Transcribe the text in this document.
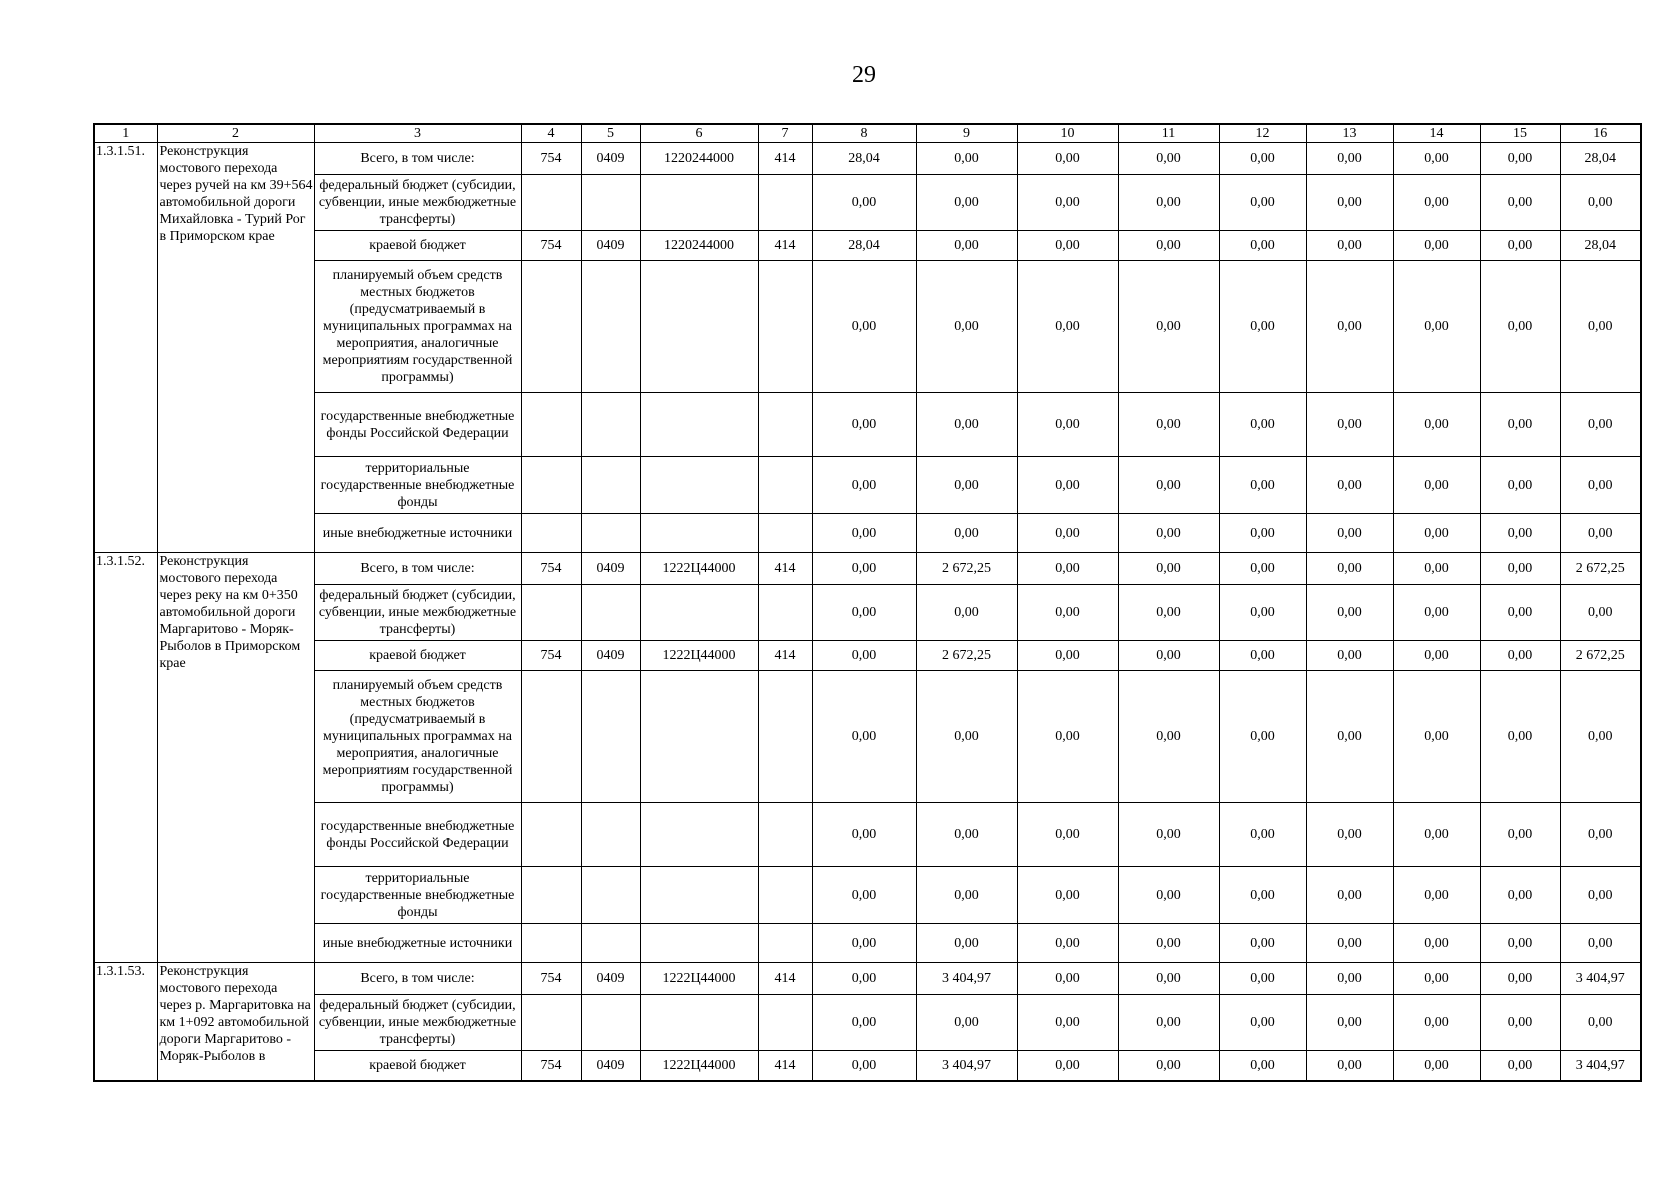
29
1	2	3	4	5	6	7	8	9	10	11	12	13	14	15	16
1.3.1.51.	Реконструкция мостового перехода через ручей на км 39+564 автомобильной дороги Михайловка - Турий Рог в Приморском крае	Всего, в том числе:	754	0409	1220244000	414	28,04	0,00	0,00	0,00	0,00	0,00	0,00	0,00	28,04
		федеральный бюджет (субсидии, субвенции, иные межбюджетные трансферты)					0,00	0,00	0,00	0,00	0,00	0,00	0,00	0,00	0,00
		краевой бюджет	754	0409	1220244000	414	28,04	0,00	0,00	0,00	0,00	0,00	0,00	0,00	28,04
		планируемый объем средств местных бюджетов (предусматриваемый в муниципальных программах на мероприятия, аналогичные мероприятиям государственной программы)					0,00	0,00	0,00	0,00	0,00	0,00	0,00	0,00	0,00
		государственные внебюджетные фонды Российской Федерации					0,00	0,00	0,00	0,00	0,00	0,00	0,00	0,00	0,00
		территориальные государственные внебюджетные фонды					0,00	0,00	0,00	0,00	0,00	0,00	0,00	0,00	0,00
		иные внебюджетные источники					0,00	0,00	0,00	0,00	0,00	0,00	0,00	0,00	0,00
1.3.1.52.	Реконструкция мостового перехода через реку на км 0+350 автомобильной дороги Маргаритово - Моряк-Рыболов в Приморском крае	Всего, в том числе:	754	0409	1222Ц44000	414	0,00	2 672,25	0,00	0,00	0,00	0,00	0,00	0,00	2 672,25
		федеральный бюджет (субсидии, субвенции, иные межбюджетные трансферты)					0,00	0,00	0,00	0,00	0,00	0,00	0,00	0,00	0,00
		краевой бюджет	754	0409	1222Ц44000	414	0,00	2 672,25	0,00	0,00	0,00	0,00	0,00	0,00	2 672,25
		планируемый объем средств местных бюджетов (предусматриваемый в муниципальных программах на мероприятия, аналогичные мероприятиям государственной программы)					0,00	0,00	0,00	0,00	0,00	0,00	0,00	0,00	0,00
		государственные внебюджетные фонды Российской Федерации					0,00	0,00	0,00	0,00	0,00	0,00	0,00	0,00	0,00
		территориальные государственные внебюджетные фонды					0,00	0,00	0,00	0,00	0,00	0,00	0,00	0,00	0,00
		иные внебюджетные источники					0,00	0,00	0,00	0,00	0,00	0,00	0,00	0,00	0,00
1.3.1.53.	Реконструкция мостового перехода через р. Маргаритовка на км 1+092 автомобильной дороги Маргаритово - Моряк-Рыболов в	Всего, в том числе:	754	0409	1222Ц44000	414	0,00	3 404,97	0,00	0,00	0,00	0,00	0,00	0,00	3 404,97
		федеральный бюджет (субсидии, субвенции, иные межбюджетные трансферты)					0,00	0,00	0,00	0,00	0,00	0,00	0,00	0,00	0,00
		краевой бюджет	754	0409	1222Ц44000	414	0,00	3 404,97	0,00	0,00	0,00	0,00	0,00	0,00	3 404,97
